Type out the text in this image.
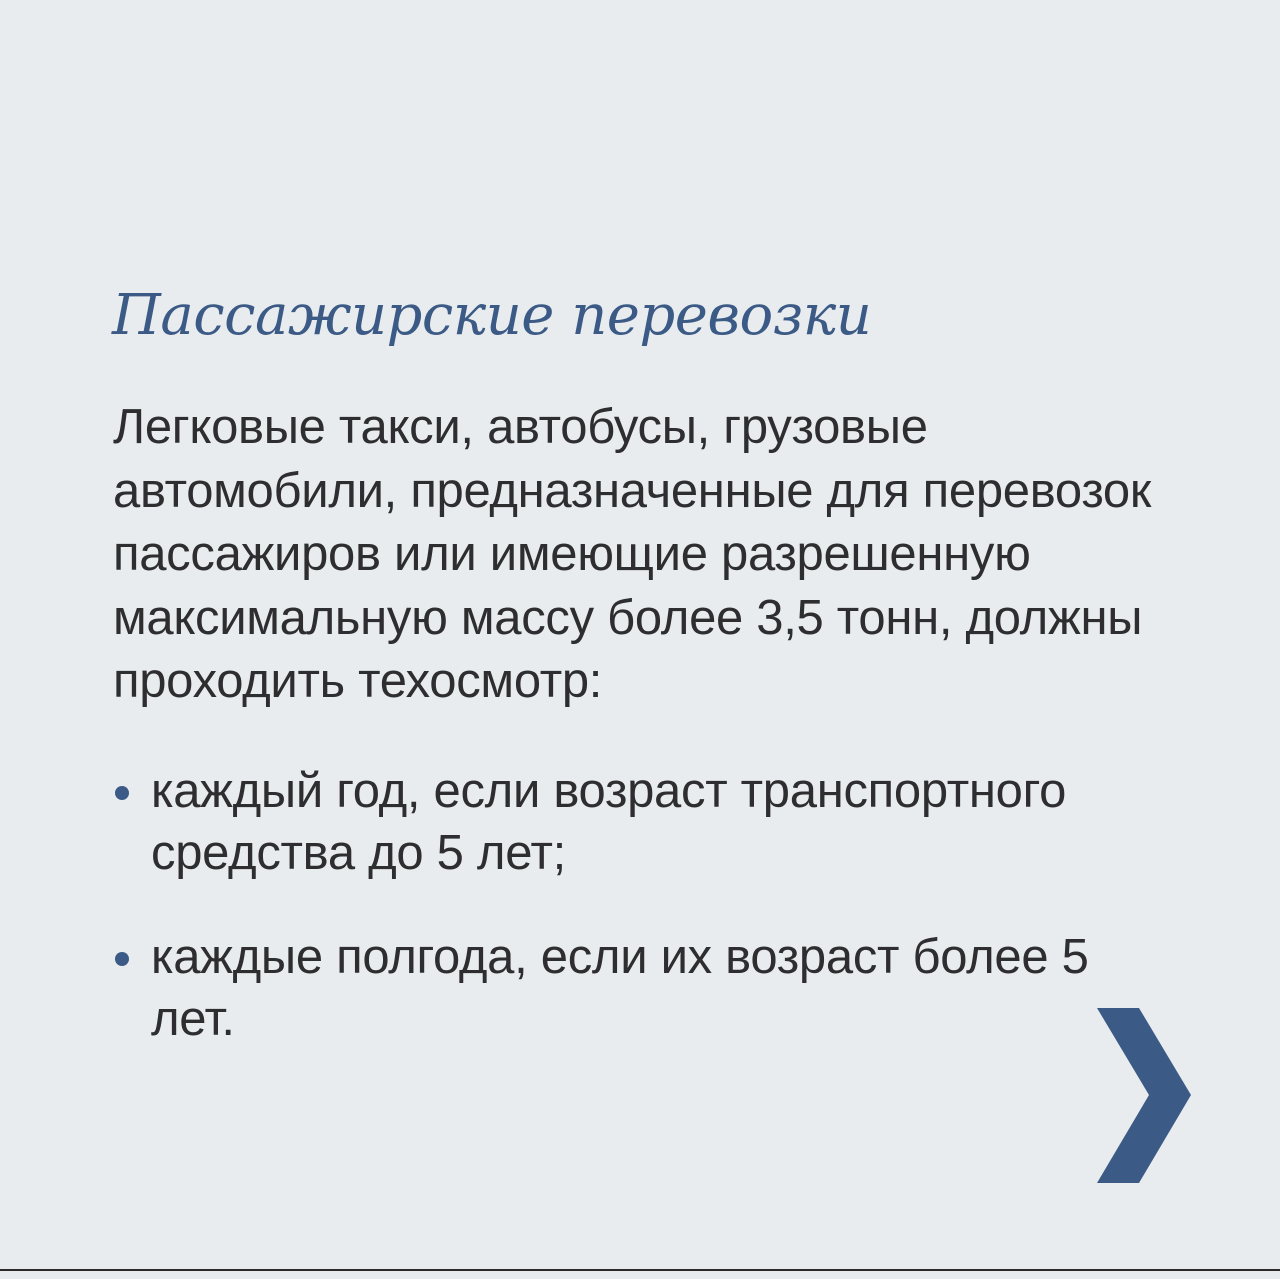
Пассажирские перевозки

Легковые такси, автобусы, грузовые автомобили, предназначенные для перевозок пассажиров или имеющие разрешенную максимальную массу более 3,5 тонн, должны проходить техосмотр:

каждый год, если возраст транспортного средства до 5 лет;
каждые полгода, если их возраст более 5 лет.
